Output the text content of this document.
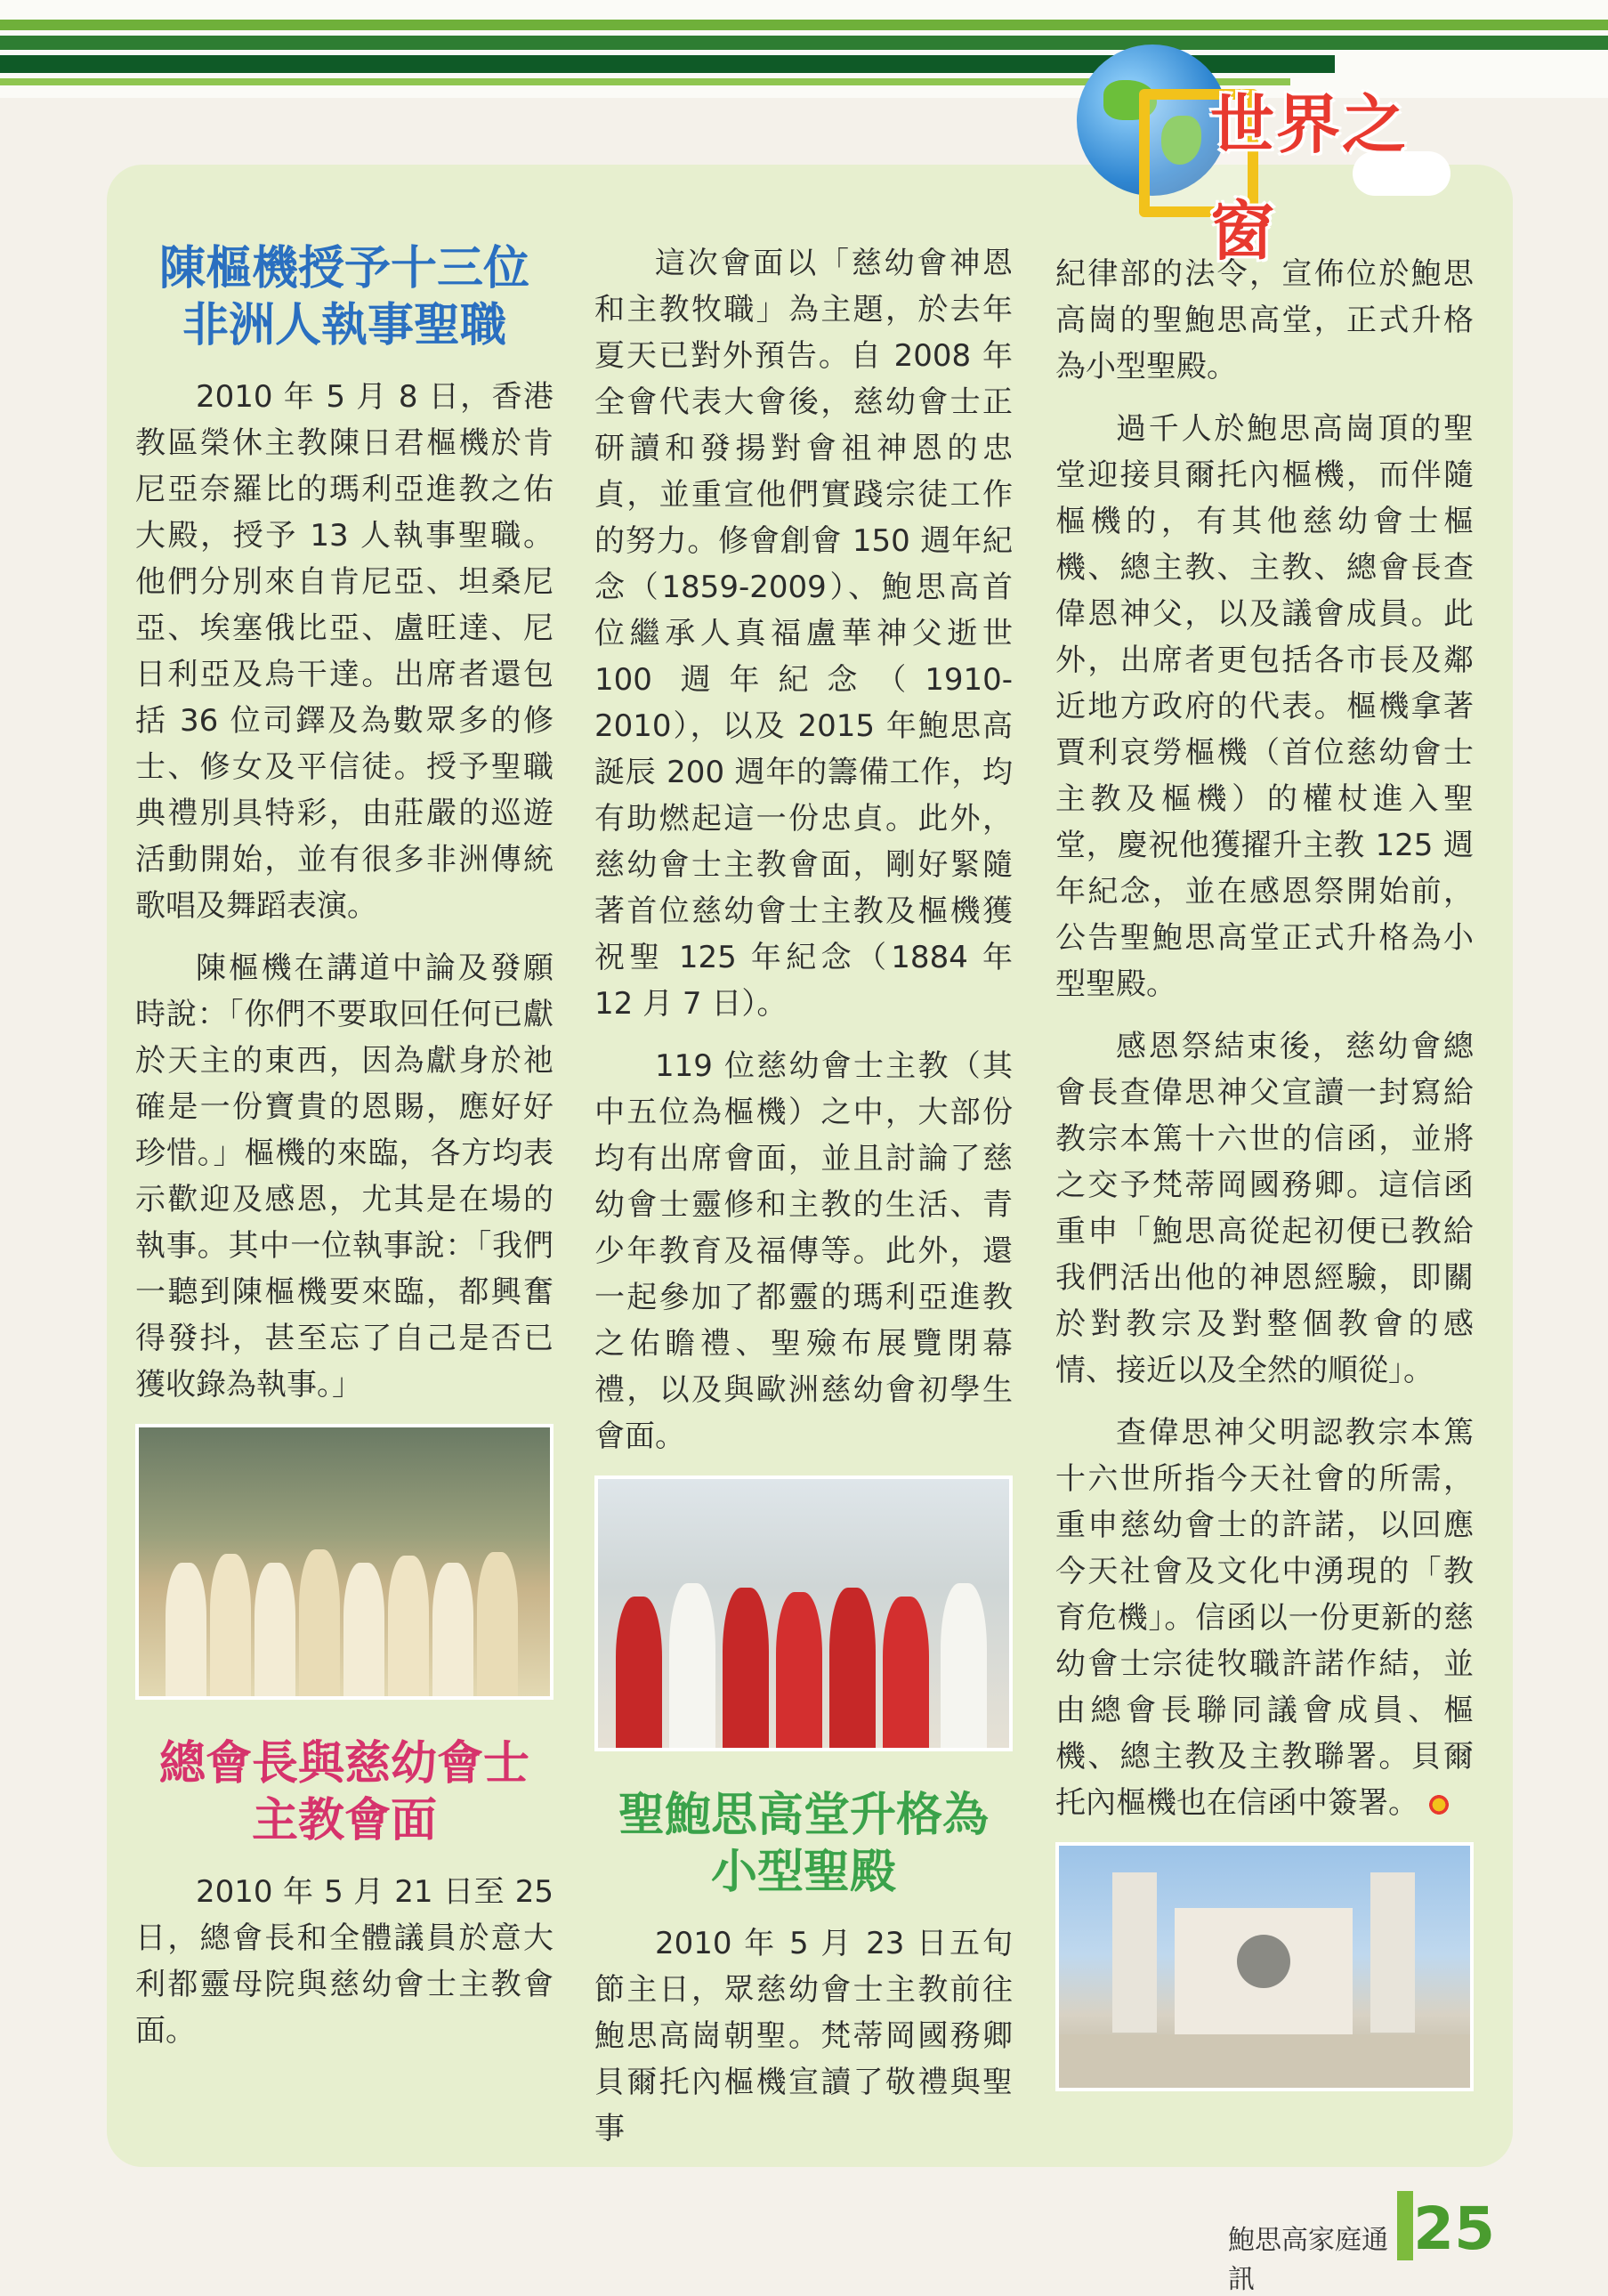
世界之窗
陳樞機授予十三位
非洲人執事聖職

2010 年 5 月 8 日，香港教區榮休主教陳日君樞機於肯尼亞奈羅比的瑪利亞進教之佑大殿，授予 13 人執事聖職。他們分別來自肯尼亞、坦桑尼亞、埃塞俄比亞、盧旺達、尼日利亞及烏干達。出席者還包括 36 位司鐸及為數眾多的修士、修女及平信徒。授予聖職典禮別具特彩，由莊嚴的巡遊活動開始，並有很多非洲傳統歌唱及舞蹈表演。

陳樞機在講道中論及發願時說：「你們不要取回任何已獻於天主的東西，因為獻身於祂確是一份寶貴的恩賜，應好好珍惜。」樞機的來臨，各方均表示歡迎及感恩，尤其是在場的執事。其中一位執事說：「我們一聽到陳樞機要來臨，都興奮得發抖，甚至忘了自己是否已獲收錄為執事。」

總會長與慈幼會士
主教會面

2010 年 5 月 21 日至 25 日，總會長和全體議員於意大利都靈母院與慈幼會士主教會面。

這次會面以「慈幼會神恩和主教牧職」為主題，於去年夏天已對外預告。自 2008 年全會代表大會後，慈幼會士正研讀和發揚對會祖神恩的忠貞，並重宣他們實踐宗徒工作的努力。修會創會 150 週年紀念（1859-2009）、鮑思高首位繼承人真福盧華神父逝世 100 週年紀念（1910-2010），以及 2015 年鮑思高誕辰 200 週年的籌備工作，均有助燃起這一份忠貞。此外，慈幼會士主教會面，剛好緊隨著首位慈幼會士主教及樞機獲祝聖 125 年紀念（1884 年 12 月 7 日）。

119 位慈幼會士主教（其中五位為樞機）之中，大部份均有出席會面，並且討論了慈幼會士靈修和主教的生活、青少年教育及福傳等。此外，還一起參加了都靈的瑪利亞進教之佑瞻禮、聖殮布展覽閉幕禮，以及與歐洲慈幼會初學生會面。

聖鮑思高堂升格為
小型聖殿

2010 年 5 月 23 日五旬節主日，眾慈幼會士主教前往鮑思高崗朝聖。梵蒂岡國務卿貝爾托內樞機宣讀了敬禮與聖事

紀律部的法令，宣佈位於鮑思高崗的聖鮑思高堂，正式升格為小型聖殿。

過千人於鮑思高崗頂的聖堂迎接貝爾托內樞機，而伴隨樞機的，有其他慈幼會士樞機、總主教、主教、總會長查偉恩神父，以及議會成員。此外，出席者更包括各市長及鄰近地方政府的代表。樞機拿著賈利哀勞樞機（首位慈幼會士主教及樞機）的權杖進入聖堂，慶祝他獲擢升主教 125 週年紀念，並在感恩祭開始前，公告聖鮑思高堂正式升格為小型聖殿。

感恩祭結束後，慈幼會總會長查偉思神父宣讀一封寫給教宗本篤十六世的信函，並將之交予梵蒂岡國務卿。這信函重申「鮑思高從起初便已教給我們活出他的神恩經驗，即關於對教宗及對整個教會的感情、接近以及全然的順從」。

查偉思神父明認教宗本篤十六世所指今天社會的所需，重申慈幼會士的許諾，以回應今天社會及文化中湧現的「教育危機」。信函以一份更新的慈幼會士宗徒牧職許諾作結，並由總會長聯同議會成員、樞機、總主教及主教聯署。貝爾托內樞機也在信函中簽署。

鮑思高家庭通訊
25
